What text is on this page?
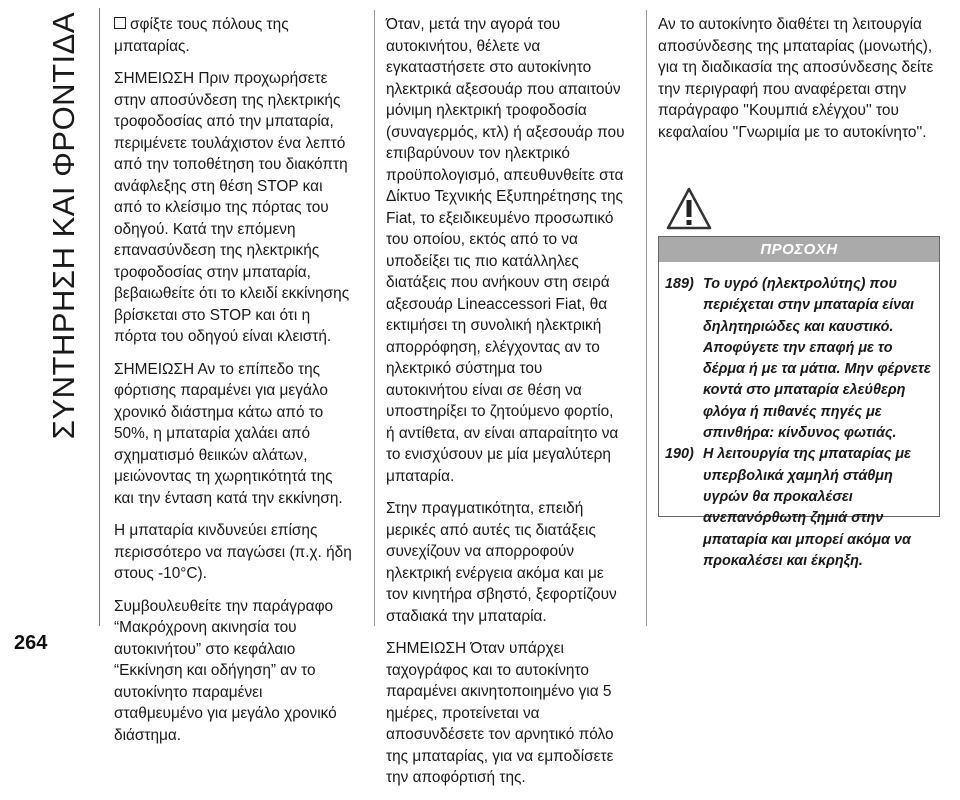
ΣΥΝΤΗΡΗΣΗ ΚΑΙ ΦΡΟΝΤΙΔΑ	σφίξτε τους πόλους της μπαταρίας.

ΣΗΜΕΙΩΣΗ Πριν προχωρήσετε στην αποσύνδεση της ηλεκτρικής τροφοδοσίας από την μπαταρία, περιμένετε τουλάχιστον ένα λεπτό από την τοποθέτηση του διακόπτη ανάφλεξης στη θέση STOP και από το κλείσιμο της πόρτας του οδηγού. Κατά την επόμενη επανασύνδεση της ηλεκτρικής τροφοδοσίας στην μπαταρία, βεβαιωθείτε ότι το κλειδί εκκίνησης βρίσκεται στο STOP και ότι η πόρτα του οδηγού είναι κλειστή.

ΣΗΜΕΙΩΣΗ Αν το επίπεδο της φόρτισης παραμένει για μεγάλο χρονικό διάστημα κάτω από το 50%, η μπαταρία χαλάει από σχηματισμό θειικών αλάτων, μειώνοντας τη χωρητικότητά της και την ένταση κατά την εκκίνηση.

Η μπαταρία κινδυνεύει επίσης περισσότερο να παγώσει (π.χ. ήδη στους -10°C).

Συμβουλευθείτε την παράγραφο “Μακρόχρονη ακινησία του αυτοκινήτου” στο κεφάλαιο “Εκκίνηση και οδήγηση” αν το αυτοκίνητο παραμένει σταθμευμένο για μεγάλο χρονικό διάστημα.

Όταν, μετά την αγορά του αυτοκινήτου, θέλετε να εγκαταστήσετε στο αυτοκίνητο ηλεκτρικά αξεσουάρ που απαιτούν μόνιμη ηλεκτρική τροφοδοσία (συναγερμός, κτλ) ή αξεσουάρ που επιβαρύνουν τον ηλεκτρικό προϋπολογισμό, απευθυνθείτε στα Δίκτυο Τεχνικής Εξυπηρέτησης της Fiat, το εξειδικευμένο προσωπικό του οποίου, εκτός από το να υποδείξει τις πιο κατάλληλες διατάξεις που ανήκουν στη σειρά αξεσουάρ Lineaccessori Fiat, θα εκτιμήσει τη συνολική ηλεκτρική απορρόφηση, ελέγχοντας αν το ηλεκτρικό σύστημα του αυτοκινήτου είναι σε θέση να υποστηρίξει το ζητούμενο φορτίο, ή αντίθετα, αν είναι απαραίτητο να το ενισχύσουν με μία μεγαλύτερη μπαταρία.

Στην πραγματικότητα, επειδή μερικές από αυτές τις διατάξεις συνεχίζουν να απορροφούν ηλεκτρική ενέργεια ακόμα και με τον κινητήρα σβηστό, ξεφορτίζουν σταδιακά την μπαταρία.

ΣΗΜΕΙΩΣΗ Όταν υπάρχει ταχογράφος και το αυτοκίνητο παραμένει ακινητοποιημένο για 5 ημέρες, προτείνεται να αποσυνδέσετε τον αρνητικό πόλο της μπαταρίας, για να εμποδίσετε την αποφόρτισή της.

Αν το αυτοκίνητο διαθέτει τη λειτουργία αποσύνδεσης της μπαταρίας (μονωτής), για τη διαδικασία της αποσύνδεσης δείτε την περιγραφή που αναφέρεται στην παράγραφο ''Κουμπιά ελέγχου'' του κεφαλαίου ''Γνωριμία με το αυτοκίνητο''.

ΠΡΟΣΟΧΗ
189) Το υγρό (ηλεκτρολύτης) που περιέχεται στην μπαταρία είναι δηλητηριώδες και καυστικό. Αποφύγετε την επαφή με το δέρμα ή με τα μάτια. Μην φέρνετε κοντά στο μπαταρία ελεύθερη φλόγα ή πιθανές πηγές με σπινθήρα: κίνδυνος φωτιάς.
190) Η λειτουργία της μπαταρίας με υπερβολικά χαμηλή στάθμη υγρών θα προκαλέσει ανεπανόρθωτη ζημιά στην μπαταρία και μπορεί ακόμα να προκαλέσει και έκρηξη.
264
